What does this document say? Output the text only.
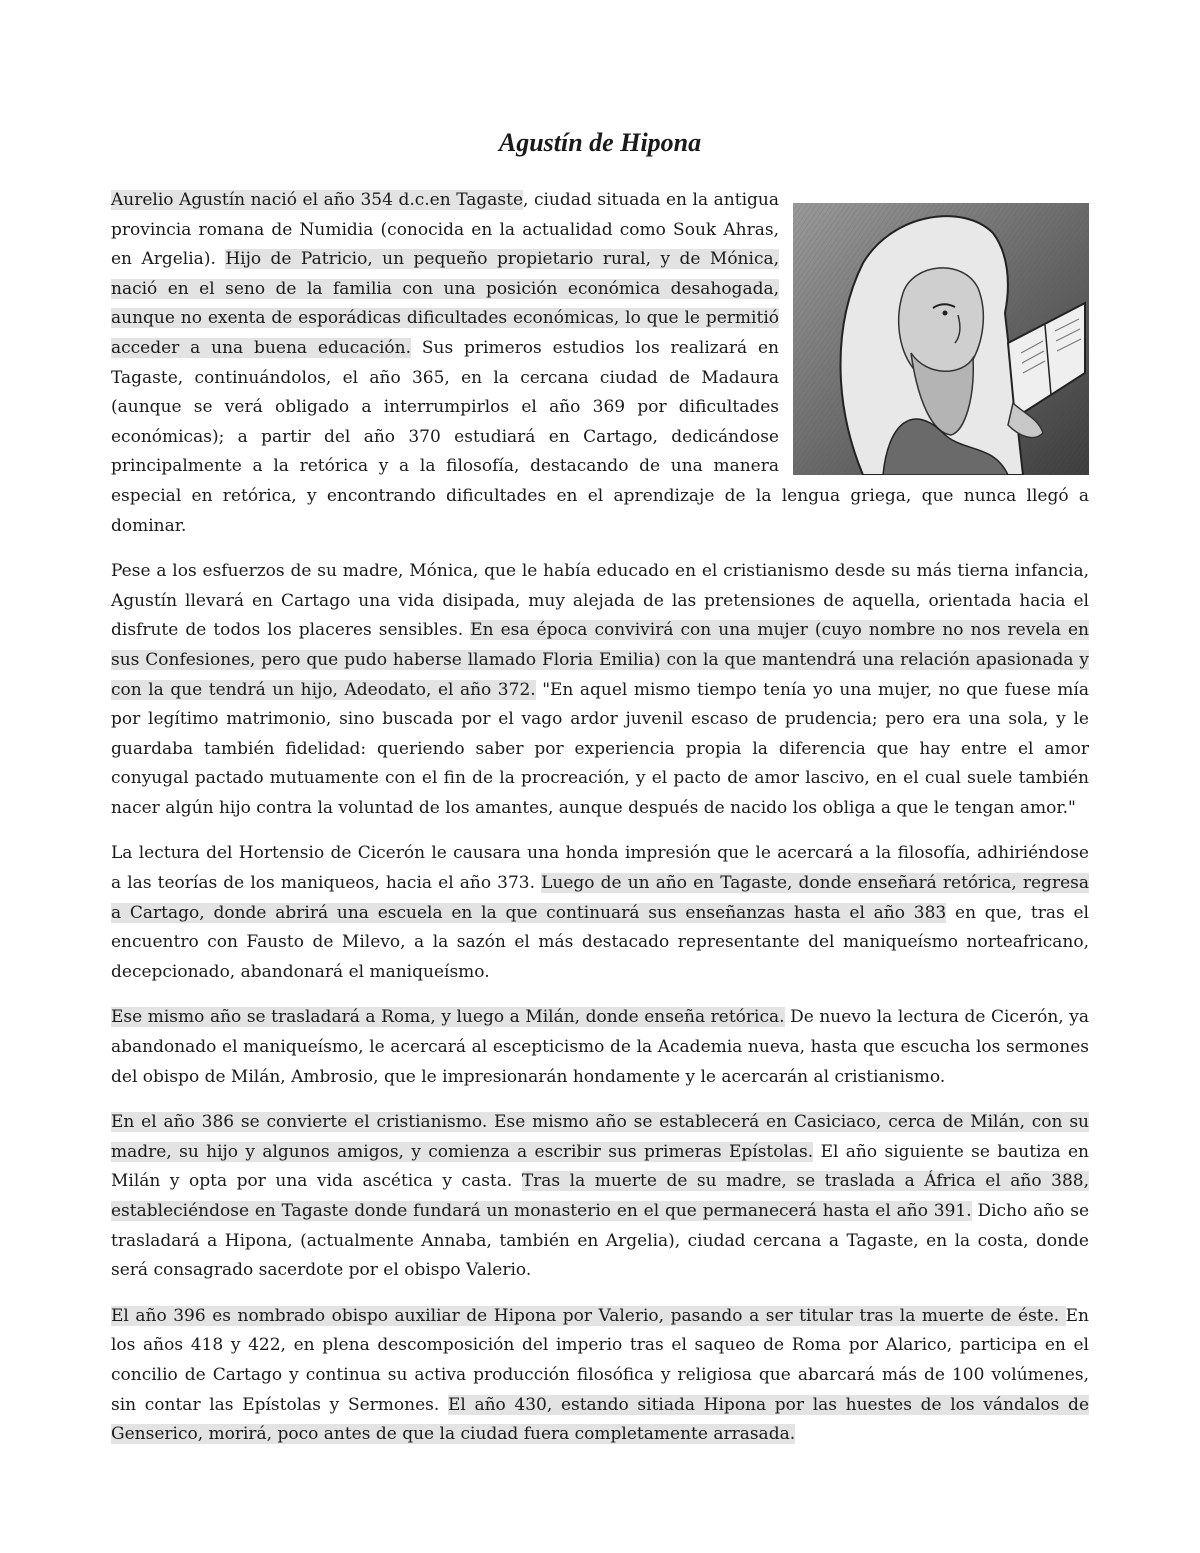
Agustín de Hipona

Aurelio Agustín nació el año 354 d.c.en Tagaste, ciudad situada en la antigua provincia romana de Numidia (conocida en la actualidad como Souk Ahras, en Argelia). Hijo de Patricio, un pequeño propietario rural, y de Mónica, nació en el seno de la familia con una posición económica desahogada, aunque no exenta de esporádicas dificultades económicas, lo que le permitió acceder a una buena educación. Sus primeros estudios los realizará en Tagaste, continuándolos, el año 365, en la cercana ciudad de Madaura (aunque se verá obligado a interrumpirlos el año 369 por dificultades económicas); a partir del año 370 estudiará en Cartago, dedicándose principalmente a la retórica y a la filosofía, destacando de una manera especial en retórica, y encontrando dificultades en el aprendizaje de la lengua griega, que nunca llegó a dominar.

Pese a los esfuerzos de su madre, Mónica, que le había educado en el cristianismo desde su más tierna infancia, Agustín llevará en Cartago una vida disipada, muy alejada de las pretensiones de aquella, orientada hacia el disfrute de todos los placeres sensibles. En esa época convivirá con una mujer (cuyo nombre no nos revela en sus Confesiones, pero que pudo haberse llamado Floria Emilia) con la que mantendrá una relación apasionada y con la que tendrá un hijo, Adeodato, el año 372. "En aquel mismo tiempo tenía yo una mujer, no que fuese mía por legítimo matrimonio, sino buscada por el vago ardor juvenil escaso de prudencia; pero era una sola, y le guardaba también fidelidad: queriendo saber por experiencia propia la diferencia que hay entre el amor conyugal pactado mutuamente con el fin de la procreación, y el pacto de amor lascivo, en el cual suele también nacer algún hijo contra la voluntad de los amantes, aunque después de nacido los obliga a que le tengan amor."

La lectura del Hortensio de Cicerón le causara una honda impresión que le acercará a la filosofía, adhiriéndose a las teorías de los maniqueos, hacia el año 373. Luego de un año en Tagaste, donde enseñará retórica, regresa a Cartago, donde abrirá una escuela en la que continuará sus enseñanzas hasta el año 383 en que, tras el encuentro con Fausto de Milevo, a la sazón el más destacado representante del maniqueísmo norteafricano, decepcionado, abandonará el maniqueísmo.

Ese mismo año se trasladará a Roma, y luego a Milán, donde enseña retórica. De nuevo la lectura de Cicerón, ya abandonado el maniqueísmo, le acercará al escepticismo de la Academia nueva, hasta que escucha los sermones del obispo de Milán, Ambrosio, que le impresionarán hondamente y le acercarán al cristianismo.

En el año 386 se convierte el cristianismo. Ese mismo año se establecerá en Casiciaco, cerca de Milán, con su madre, su hijo y algunos amigos, y comienza a escribir sus primeras Epístolas. El año siguiente se bautiza en Milán y opta por una vida ascética y casta. Tras la muerte de su madre, se traslada a África el año 388, estableciéndose en Tagaste donde fundará un monasterio en el que permanecerá hasta el año 391. Dicho año se trasladará a Hipona, (actualmente Annaba, también en Argelia), ciudad cercana a Tagaste, en la costa, donde será consagrado sacerdote por el obispo Valerio.

El año 396 es nombrado obispo auxiliar de Hipona por Valerio, pasando a ser titular tras la muerte de éste. En los años 418 y 422, en plena descomposición del imperio tras el saqueo de Roma por Alarico, participa en el concilio de Cartago y continua su activa producción filosófica y religiosa que abarcará más de 100 volúmenes, sin contar las Epístolas y Sermones. El año 430, estando sitiada Hipona por las huestes de los vándalos de Genserico, morirá, poco antes de que la ciudad fuera completamente arrasada.
